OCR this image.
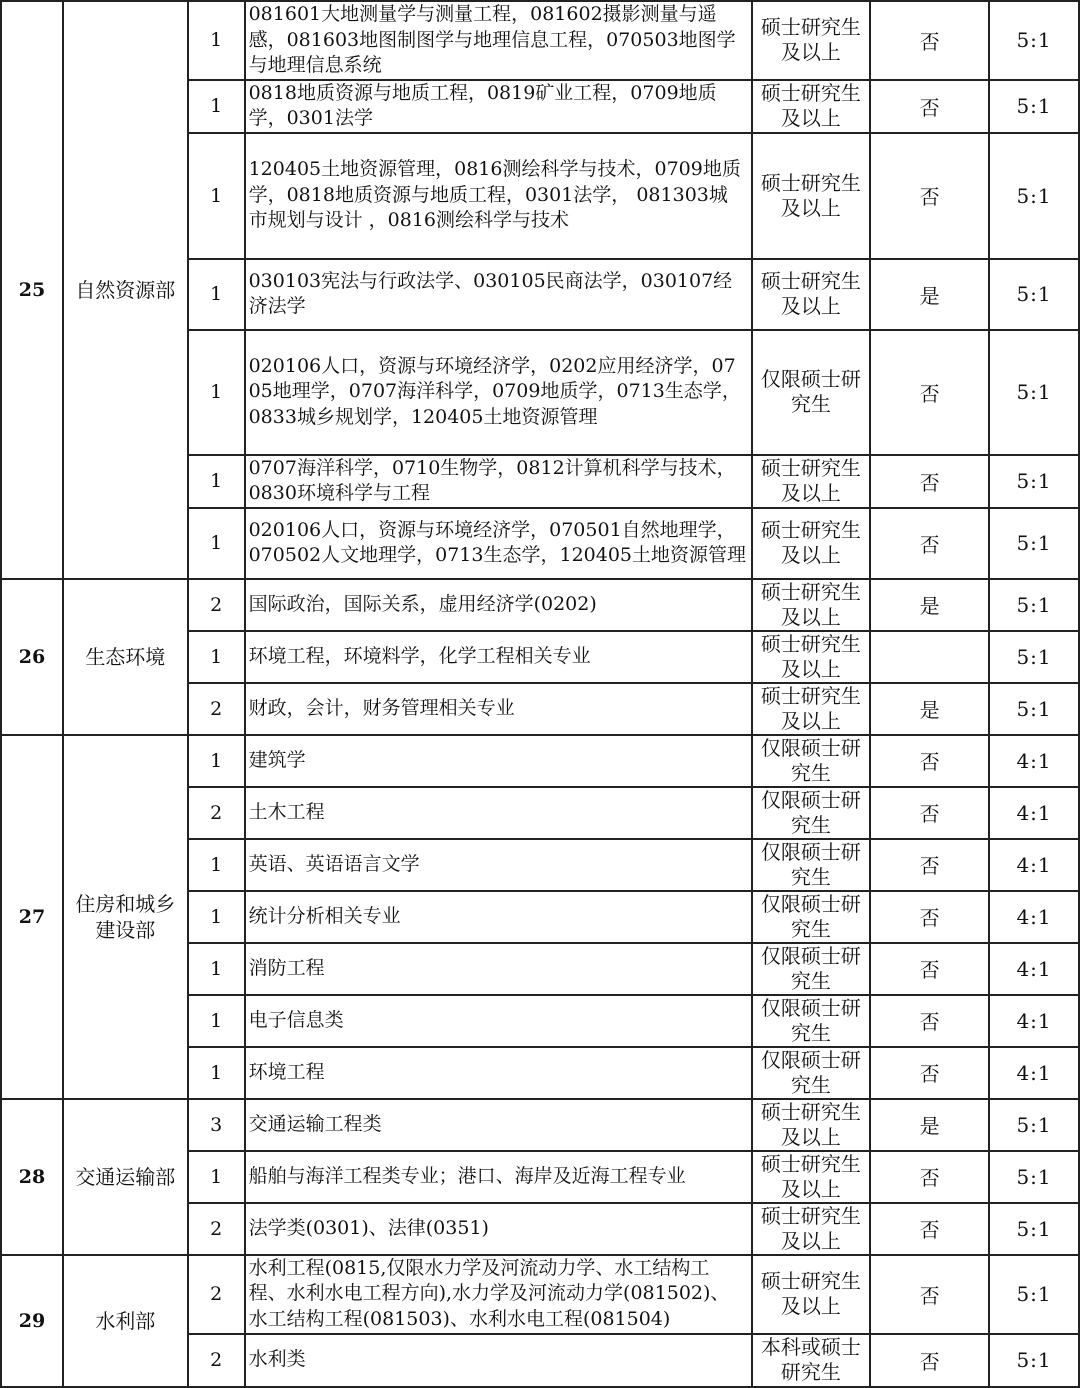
25	自然资源部	1	081601大地测量学与测量工程，081602摄影测量与遥感，081603地图制图学与地理信息工程，070503地图学与地理信息系统	硕士研究生及以上	否	5:1
		1	0818地质资源与地质工程，0819矿业工程，0709地质学，0301法学	硕士研究生及以上	否	5:1
		1	120405土地资源管理，0816测绘科学与技术，0709地质学，0818地质资源与地质工程，0301法学， 081303城市规划与设计 ，0816测绘科学与技术	硕士研究生及以上	否	5:1
		1	030103宪法与行政法学、030105民商法学，030107经济法学	硕士研究生及以上	是	5:1
		1	020106人口，资源与环境经济学，0202应用经济学，0705地理学，0707海洋科学，0709地质学，0713生态学，0833城乡规划学，120405土地资源管理	仅限硕士研究生	否	5:1
		1	0707海洋科学，0710生物学，0812计算机科学与技术，0830环境科学与工程	硕士研究生及以上	否	5:1
		1	020106人口，资源与环境经济学，070501自然地理学，070502人文地理学，0713生态学，120405土地资源管理	硕士研究生及以上	否	5:1
26	生态环境	2	国际政治，国际关系，虚用经济学(0202)	硕士研究生及以上	是	5:1
		1	环境工程，环境料学，化学工程相关专业	硕士研究生及以上		5:1
		2	财政，会计，财务管理相关专业	硕士研究生及以上	是	5:1
27	住房和城乡建设部	1	建筑学	仅限硕士研究生	否	4:1
		2	土木工程	仅限硕士研究生	否	4:1
		1	英语、英语语言文学	仅限硕士研究生	否	4:1
		1	统计分析相关专业	仅限硕士研究生	否	4:1
		1	消防工程	仅限硕士研究生	否	4:1
		1	电子信息类	仅限硕士研究生	否	4:1
		1	环境工程	仅限硕士研究生	否	4:1
28	交通运输部	3	交通运输工程类	硕士研究生及以上	是	5:1
		1	船舶与海洋工程类专业；港口、海岸及近海工程专业	硕士研究生及以上	否	5:1
		2	法学类(0301)、法律(0351)	硕士研究生及以上	否	5:1
29	水利部	2	水利工程(0815,仅限水力学及河流动力学、水工结构工程、水利水电工程方向),水力学及河流动力学(081502)、水工结构工程(081503)、水利水电工程(081504)	硕士研究生及以上	否	5:1
		2	水利类	本科或硕士研究生	否	5:1
